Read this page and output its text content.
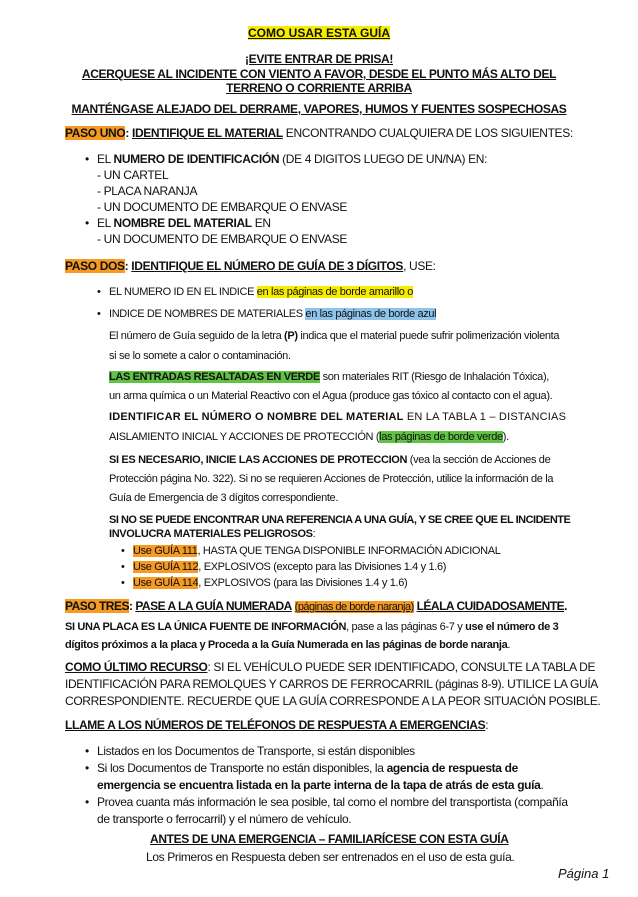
COMO USAR ESTA GUÍA
¡EVITE ENTRAR DE PRISA!
ACERQUESE AL INCIDENTE CON VIENTO A FAVOR, DESDE EL PUNTO MÁS ALTO DEL
TERRENO O CORRIENTE ARRIBA
MANTÉNGASE ALEJADO DEL DERRAME, VAPORES, HUMOS Y FUENTES SOSPECHOSAS
PASO UNO: IDENTIFIQUE EL MATERIAL ENCONTRANDO CUALQUIERA DE LOS SIGUIENTES:
• EL NUMERO DE IDENTIFICACIÓN (DE 4 DIGITOS LUEGO DE UN/NA) EN:
- UN CARTEL
- PLACA NARANJA
- UN DOCUMENTO DE EMBARQUE O ENVASE
• EL NOMBRE DEL MATERIAL EN
- UN DOCUMENTO DE EMBARQUE O ENVASE
PASO DOS: IDENTIFIQUE EL NÚMERO DE GUÍA DE 3 DÍGITOS, USE:
• EL NUMERO ID EN EL INDICE en las páginas de borde amarillo o
• INDICE DE NOMBRES DE MATERIALES en las páginas de borde azul
El número de Guía seguido de la letra (P) indica que el material puede sufrir polimerización violenta
si se lo somete a calor o contaminación.
LAS ENTRADAS RESALTADAS EN VERDE son materiales RIT (Riesgo de Inhalación Tóxica),
un arma química o un Material Reactivo con el Agua (produce gas tóxico al contacto con el agua).
IDENTIFICAR EL NÚMERO O NOMBRE DEL MATERIAL EN LA TABLA 1 – DISTANCIAS
AISLAMIENTO INICIAL Y ACCIONES DE PROTECCIÓN (las páginas de borde verde).
SI ES NECESARIO, INICIE LAS ACCIONES DE PROTECCION (vea la sección de Acciones de
Protección página No. 322). Si no se requieren Acciones de Protección, utilice la información de la
Guía de Emergencia de 3 dígitos correspondiente.
SI NO SE PUEDE ENCONTRAR UNA REFERENCIA A UNA GUÍA, Y SE CREE QUE EL INCIDENTE
INVOLUCRA MATERIALES PELIGROSOS:
• Use GUÍA 111, HASTA QUE TENGA DISPONIBLE INFORMACIÓN ADICIONAL
• Use GUÍA 112, EXPLOSIVOS (excepto para las Divisiones 1.4 y 1.6)
• Use GUÍA 114, EXPLOSIVOS (para las Divisiones 1.4 y 1.6)
PASO TRES: PASE A LA GUÍA NUMERADA (páginas de borde naranja) LÉALA CUIDADOSAMENTE.
SI UNA PLACA ES LA ÚNICA FUENTE DE INFORMACIÓN, pase a las páginas 6-7 y use el número de 3
dígitos próximos a la placa y Proceda a la Guía Numerada en las páginas de borde naranja.
COMO ÚLTIMO RECURSO: SI EL VEHÍCULO PUEDE SER IDENTIFICADO, CONSULTE LA TABLA DE
IDENTIFICACIÓN PARA REMOLQUES Y CARROS DE FERROCARRIL (páginas 8-9). UTILICE LA GUÍA
CORRESPONDIENTE. RECUERDE QUE LA GUÍA CORRESPONDE A LA PEOR SITUACIÓN POSIBLE.
LLAME A LOS NÚMEROS DE TELÉFONOS DE RESPUESTA A EMERGENCIAS:
• Listados en los Documentos de Transporte, si están disponibles
• Si los Documentos de Transporte no están disponibles, la agencia de respuesta de
emergencia se encuentra listada en la parte interna de la tapa de atrás de esta guía.
• Provea cuanta más información le sea posible, tal como el nombre del transportista (compañía
de transporte o ferrocarril) y el número de vehículo.
ANTES DE UNA EMERGENCIA – FAMILIARÍCESE CON ESTA GUÍA
Los Primeros en Respuesta deben ser entrenados en el uso de esta guía.
Página 1
